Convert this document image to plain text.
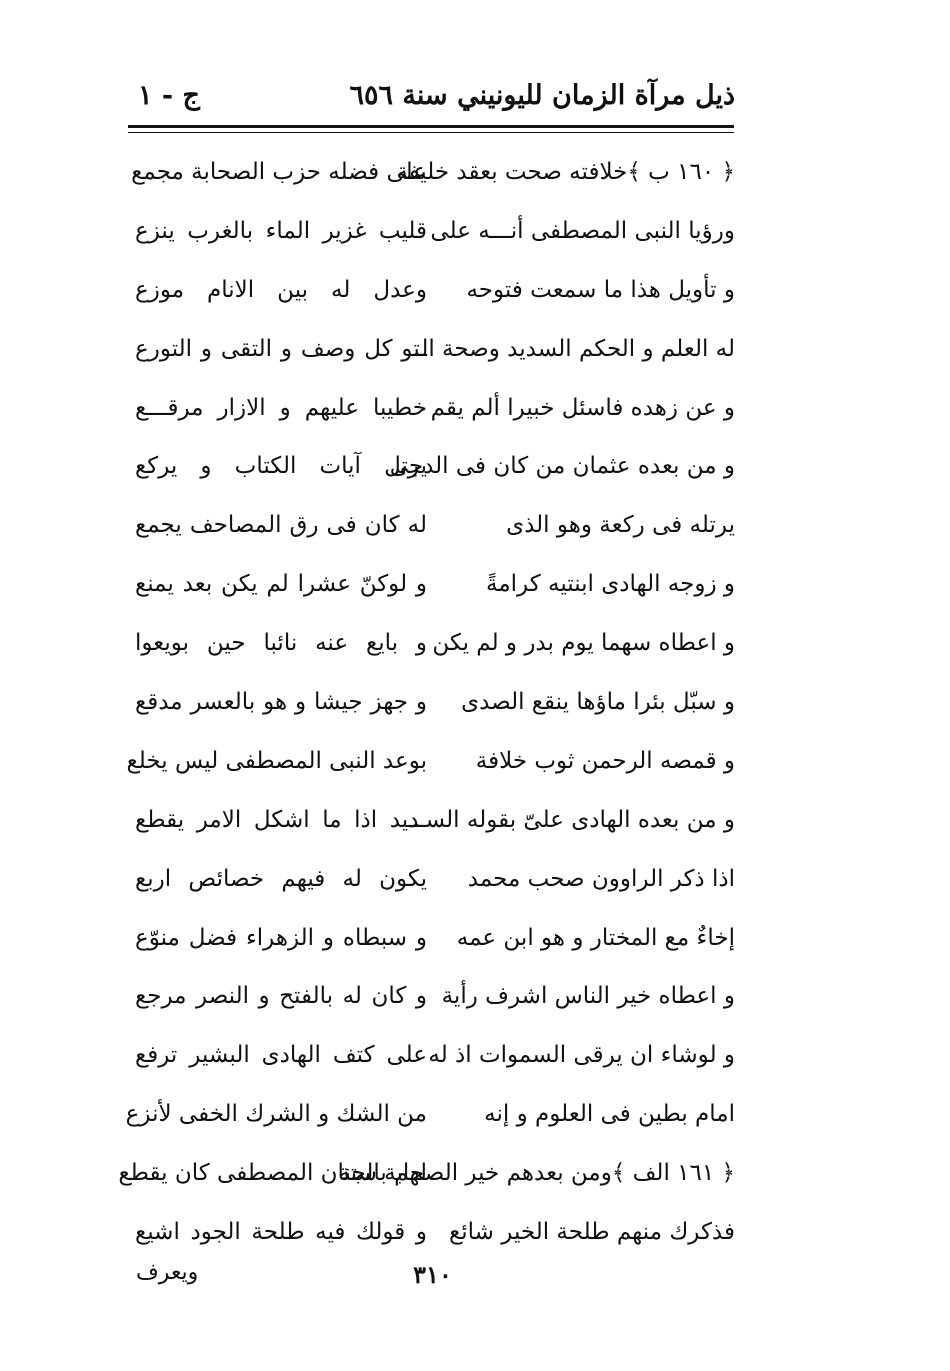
ذيل مرآة الزمان لليونيني سنة ٦٥٦
ج - ١
﴿ ١٦٠ ب ﴾خلافته صحت بعقد خليفة
على فضله حزب الصحابة مجمع
ورؤيا النبى المصطفى أنـــه على
قليب غزير الماء بالغرب ينزع
و تأويل هذا ما سمعت فتوحه
وعدل له بين الانام موزع
له العلم و الحكم السديد وصحة الـ
ـتو كل وصف و التقى و التورع
و عن زهده فاسئل خبيرا ألم يقم
خطيبا عليهم و الازار مرقـــع
و من بعده عثمان من كان فى الدجى
يرتل آيات الكتاب و يركع
يرتله فى ركعة وهو الذى
له كان فى رق المصاحف يجمع
و زوجه الهادى ابنتيه كرامةً
و لوكنّ عشرا لم يكن بعد يمنع
و اعطاه سهما يوم بدر و لم يكن
و بايع عنه نائبا حين بويعوا
و سبّل بئرا ماؤها ينقع الصدى
و جهز جيشا و هو بالعسر مدقع
و قمصه الرحمن ثوب خلافة
بوعد النبى المصطفى ليس يخلع
و من بعده الهادى علىّ بقوله الســـ
ـديد اذا ما اشكل الامر يقطع
اذا ذكر الراوون صحب محمد
يكون له فيهم خصائص اربع
إخاءٌ مع المختار و هو ابن عمه
و سبطاه و الزهراء فضل منوّع
و اعطاه خير الناس اشرف رأية
و كان له بالفتح و النصر مرجع
و لوشاء ان يرقى السموات اذ له
على كتف الهادى البشير ترفع
امام بطين فى العلوم و إنه
من الشك و الشرك الخفى لأنزع
﴿ ١٦١ الف ﴾ومن بعدهم خير الصحابة ستة
لهم بالجنان المصطفى كان يقطع
فذكرك منهم طلحة الخير شائع
و قولك فيه طلحة الجود اشيع
٣١٠
ويعرف
